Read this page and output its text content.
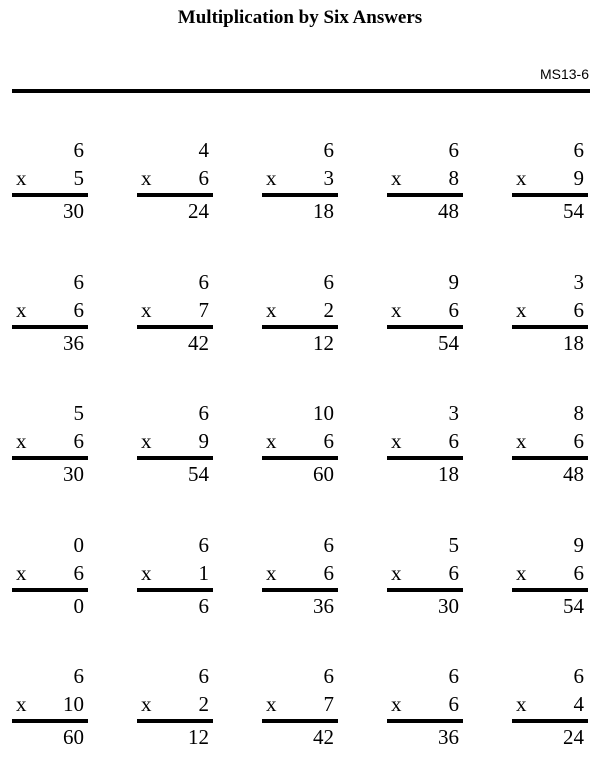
Multiplication by Six Answers
MS13-6
6
x 5
30
4
x 6
24
6
x 3
18
6
x 8
48
6
x 9
54
6
x 6
36
6
x 7
42
6
x 2
12
9
x 6
54
3
x 6
18
5
x 6
30
6
x 9
54
10
x 6
60
3
x 6
18
8
x 6
48
0
x 6
0
6
x 1
6
6
x 6
36
5
x 6
30
9
x 6
54
6
x 10
60
6
x 2
12
6
x 7
42
6
x 6
36
6
x 4
24
